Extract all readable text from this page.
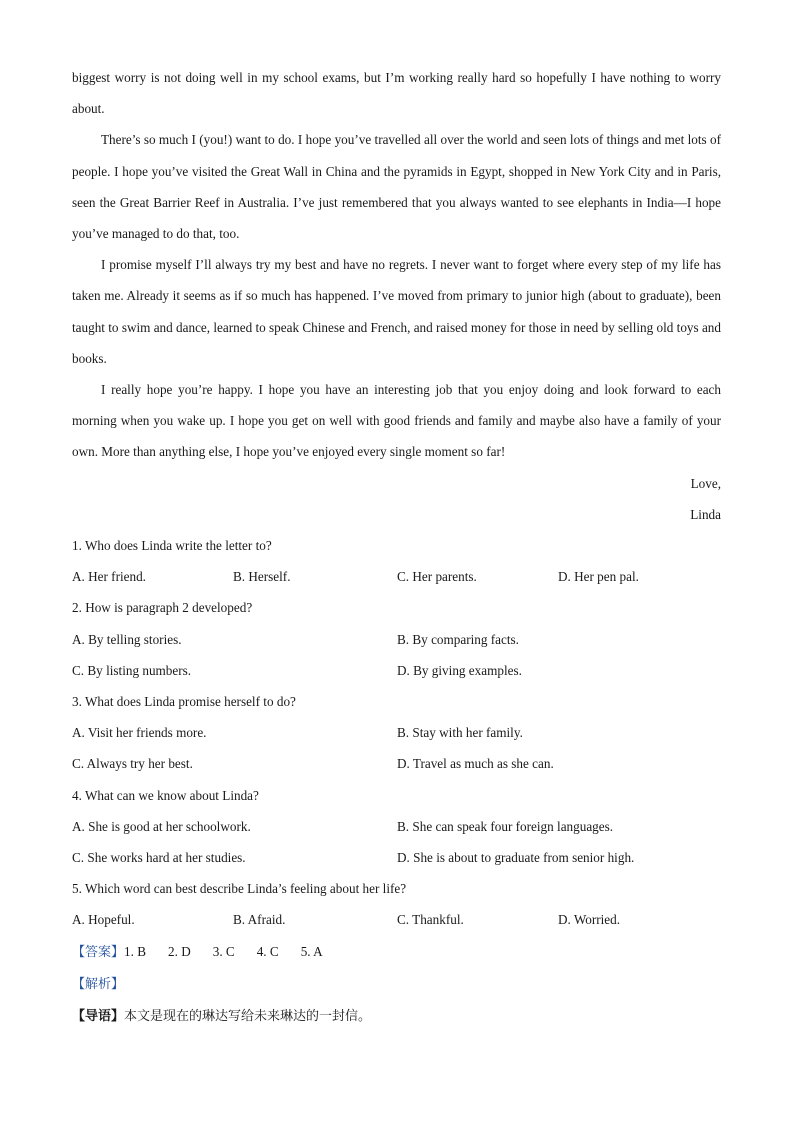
biggest worry is not doing well in my school exams, but I’m working really hard so hopefully I have nothing to worry about.

There’s so much I (you!) want to do. I hope you’ve travelled all over the world and seen lots of things and met lots of people. I hope you’ve visited the Great Wall in China and the pyramids in Egypt, shopped in New York City and in Paris, seen the Great Barrier Reef in Australia. I’ve just remembered that you always wanted to see elephants in India—I hope you’ve managed to do that, too.

I promise myself I’ll always try my best and have no regrets. I never want to forget where every step of my life has taken me. Already it seems as if so much has happened. I’ve moved from primary to junior high (about to graduate), been taught to swim and dance, learned to speak Chinese and French, and raised money for those in need by selling old toys and books.

I really hope you’re happy. I hope you have an interesting job that you enjoy doing and look forward to each morning when you wake up. I hope you get on well with good friends and family and maybe also have a family of your own. More than anything else, I hope you’ve enjoyed every single moment so far!

Love,

Linda

1. Who does Linda write the letter to?

A. Her friend.	B. Herself.	C. Her parents.	D. Her pen pal.

2. How is paragraph 2 developed?

A. By telling stories.	B. By comparing facts.
C. By listing numbers.	D. By giving examples.

3. What does Linda promise herself to do?

A. Visit her friends more.	B. Stay with her family.
C. Always try her best.	D. Travel as much as she can.

4. What can we know about Linda?

A. She is good at her schoolwork.	B. She can speak four foreign languages.
C. She works hard at her studies.	D. She is about to graduate from senior high.

5. Which word can best describe Linda’s feeling about her life?

A. Hopeful.	B. Afraid.	C. Thankful.	D. Worried.

【答案】1. B 2. D 3. C 4. C 5. A

【解析】

【导语】本文是现在的琳达写给未来琳达的一封信。
